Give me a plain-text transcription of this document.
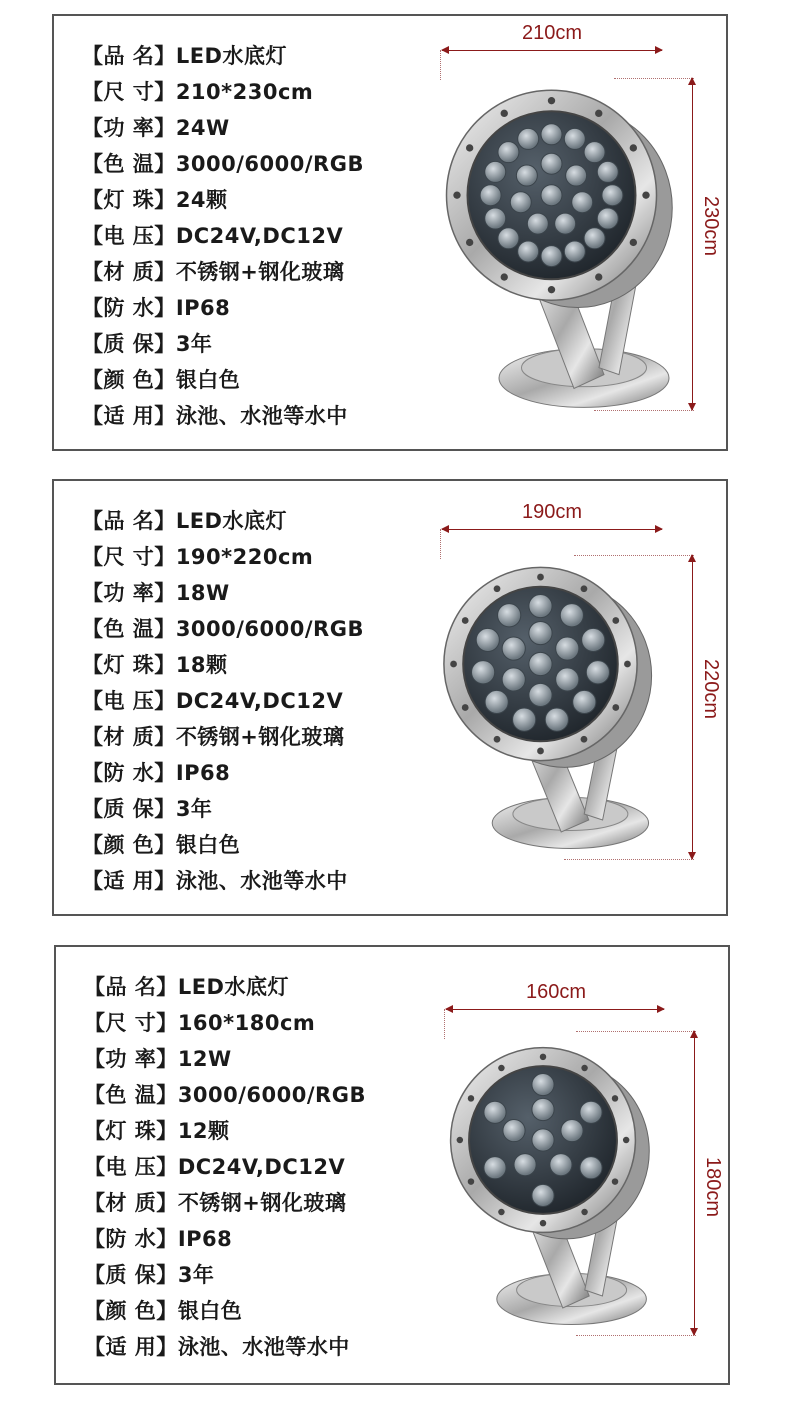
【品 名】LED水底灯
【尺 寸】210*230cm
【功 率】24W
【色 温】3000/6000/RGB
【灯 珠】24颗
【电 压】DC24V,DC12V
【材 质】不锈钢+钢化玻璃
【防 水】IP68
【质 保】3年
【颜 色】银白色
【适 用】泳池、水池等水中
210cm
230cm
【品 名】LED水底灯
【尺 寸】190*220cm
【功 率】18W
【色 温】3000/6000/RGB
【灯 珠】18颗
【电 压】DC24V,DC12V
【材 质】不锈钢+钢化玻璃
【防 水】IP68
【质 保】3年
【颜 色】银白色
【适 用】泳池、水池等水中
190cm
220cm
【品 名】LED水底灯
【尺 寸】160*180cm
【功 率】12W
【色 温】3000/6000/RGB
【灯 珠】12颗
【电 压】DC24V,DC12V
【材 质】不锈钢+钢化玻璃
【防 水】IP68
【质 保】3年
【颜 色】银白色
【适 用】泳池、水池等水中
160cm
180cm
